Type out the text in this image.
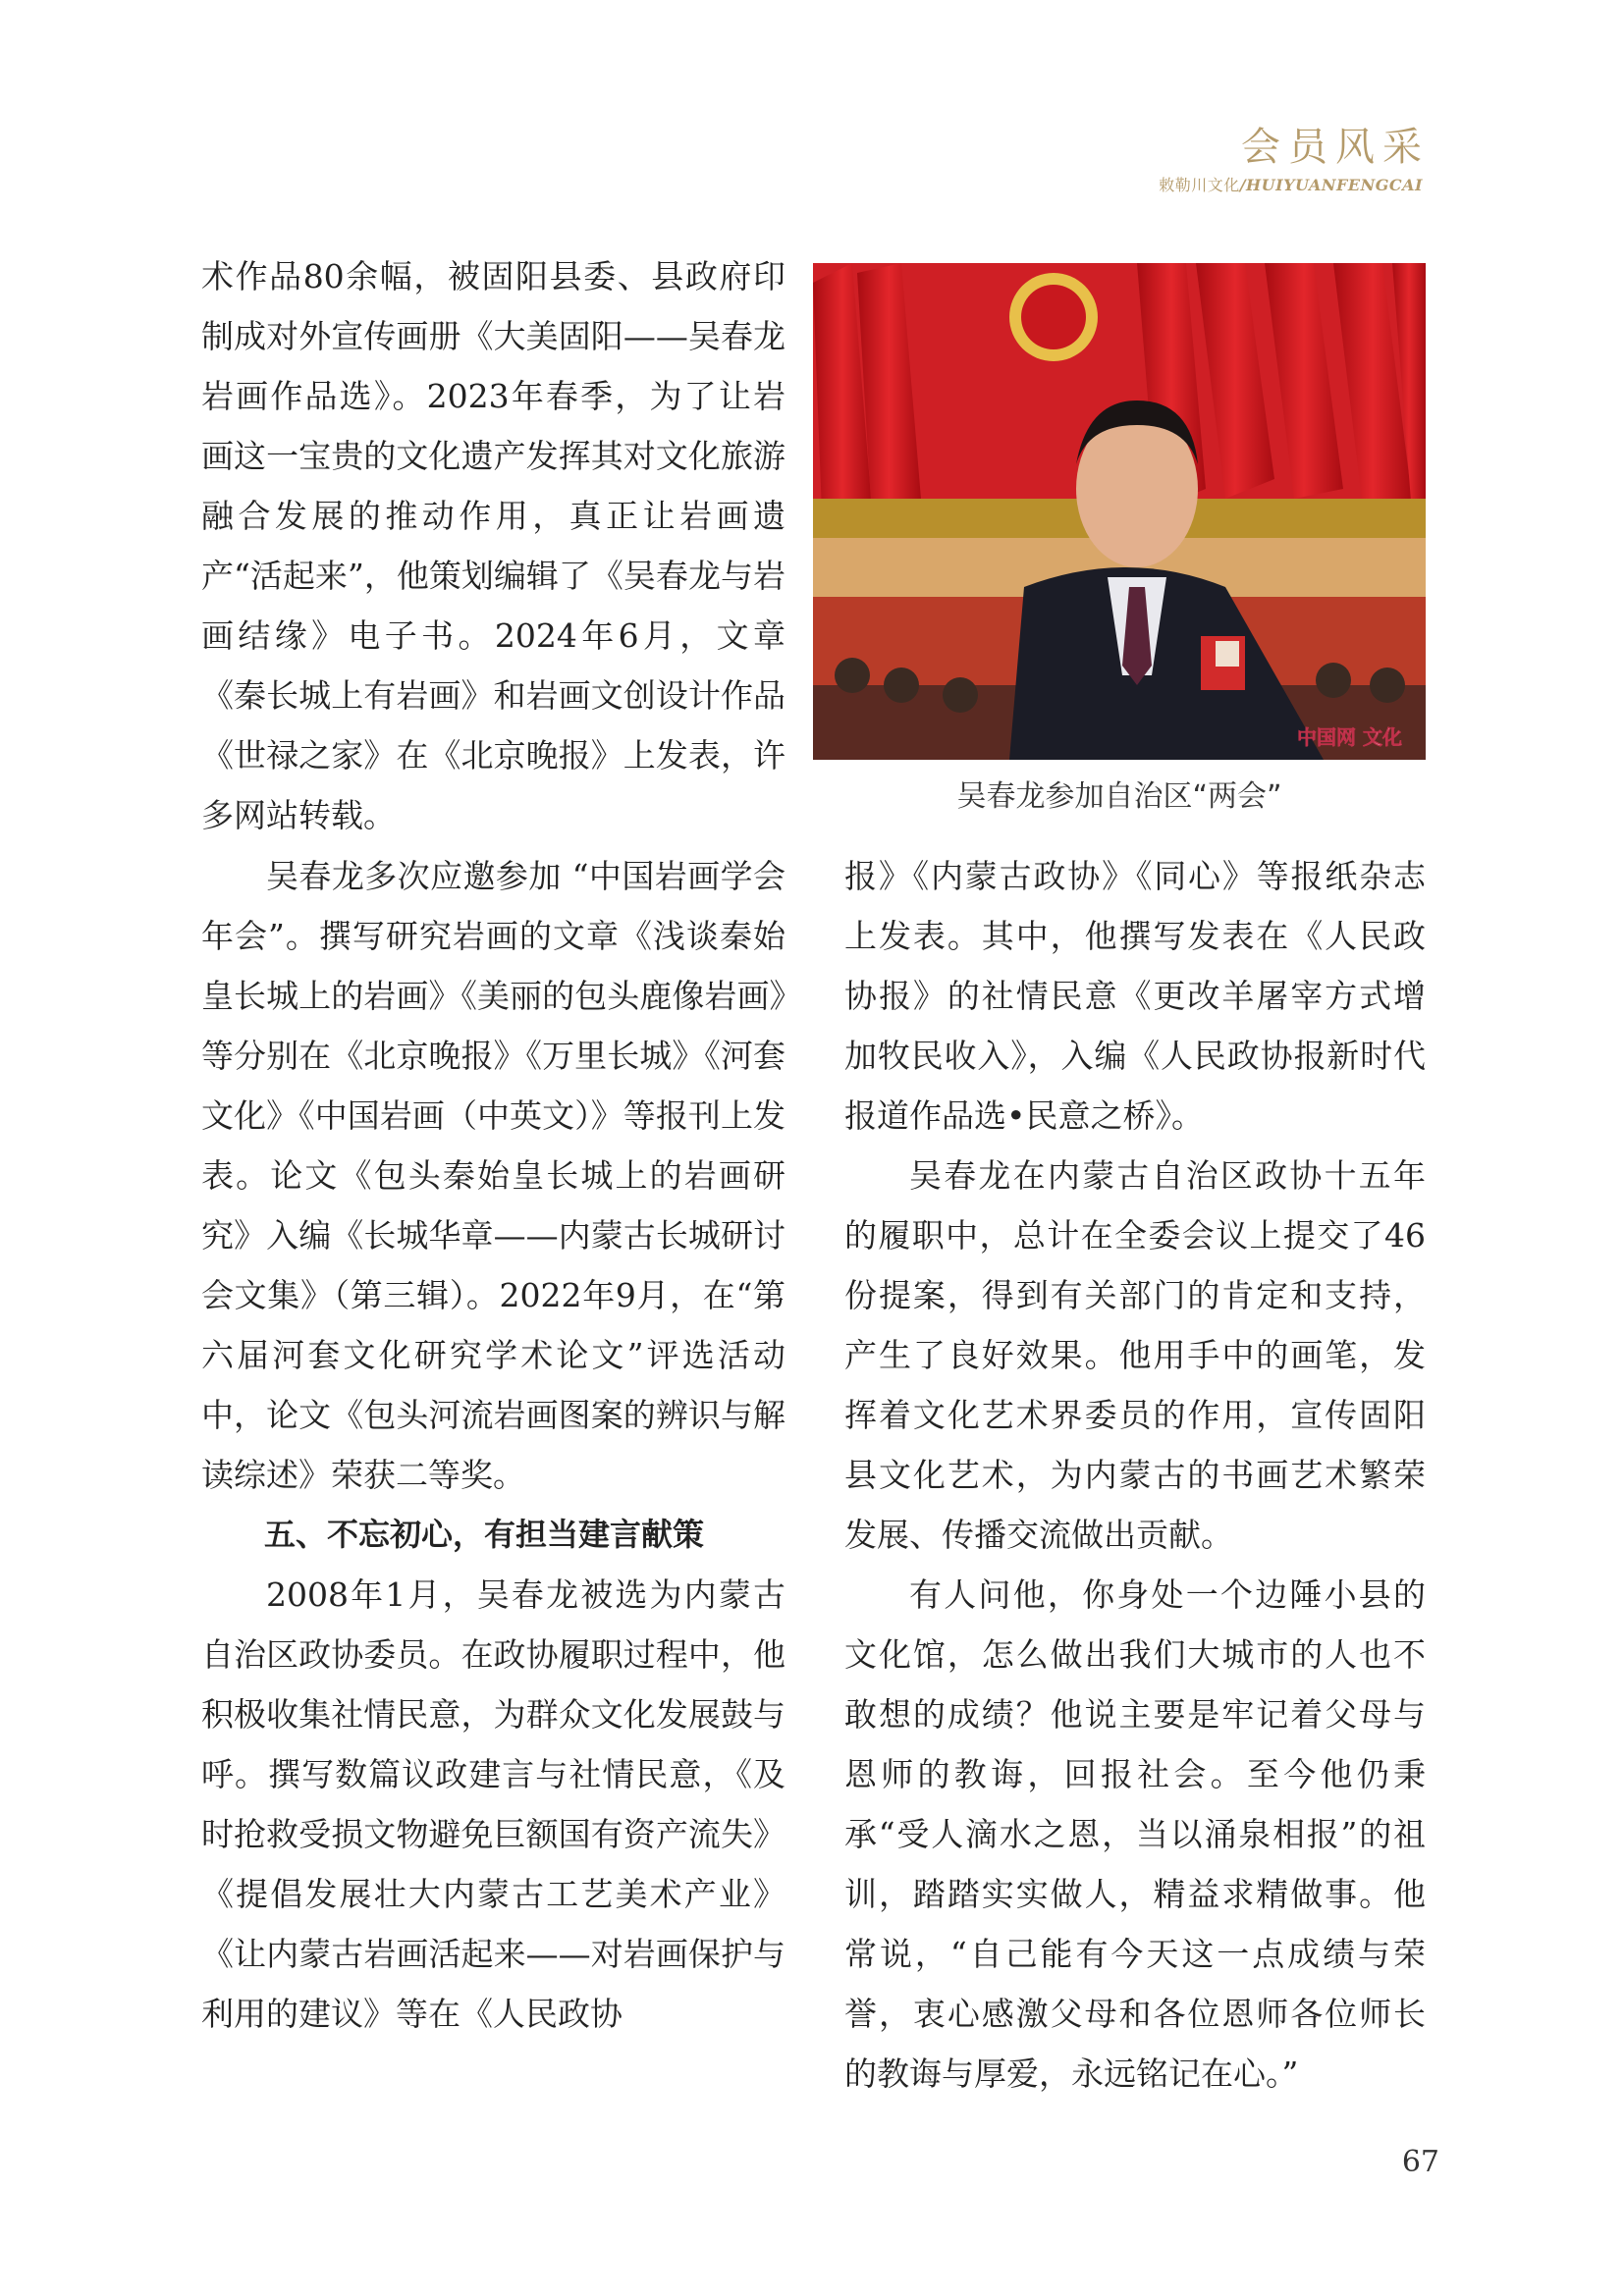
会员风采
敕勒川文化/HUIYUANFENGCAI

术作品80余幅，被固阳县委、县政府印制成对外宣传画册《大美固阳——吴春龙岩画作品选》。2023年春季，为了让岩画这一宝贵的文化遗产发挥其对文化旅游融合发展的推动作用，真正让岩画遗产“活起来”，他策划编辑了《吴春龙与岩画结缘》电子书。2024年6月，文章《秦长城上有岩画》和岩画文创设计作品《世禄之家》在《北京晚报》上发表，许多网站转载。

中国网 文化
吴春龙参加自治区“两会”

吴春龙多次应邀参加 “中国岩画学会年会”。撰写研究岩画的文章《浅谈秦始皇长城上的岩画》《美丽的包头鹿像岩画》等分别在《北京晚报》《万里长城》《河套文化》《中国岩画（中英文）》等报刊上发表。论文《包头秦始皇长城上的岩画研究》入编《长城华章——内蒙古长城研讨会文集》（第三辑）。2022年9月，在“第六届河套文化研究学术论文”评选活动中，论文《包头河流岩画图案的辨识与解读综述》荣获二等奖。

五、不忘初心，有担当建言献策

2008年1月，吴春龙被选为内蒙古自治区政协委员。在政协履职过程中，他积极收集社情民意，为群众文化发展鼓与呼。撰写数篇议政建言与社情民意，《及时抢救受损文物避免巨额国有资产流失》《提倡发展壮大内蒙古工艺美术产业》《让内蒙古岩画活起来——对岩画保护与利用的建议》等在《人民政协

报》《内蒙古政协》《同心》等报纸杂志上发表。其中，他撰写发表在《人民政协报》的社情民意《更改羊屠宰方式增加牧民收入》，入编《人民政协报新时代报道作品选•民意之桥》。

吴春龙在内蒙古自治区政协十五年的履职中，总计在全委会议上提交了46份提案，得到有关部门的肯定和支持，产生了良好效果。他用手中的画笔，发挥着文化艺术界委员的作用，宣传固阳县文化艺术，为内蒙古的书画艺术繁荣发展、传播交流做出贡献。

有人问他，你身处一个边陲小县的文化馆，怎么做出我们大城市的人也不敢想的成绩？他说主要是牢记着父母与恩师的教诲，回报社会。至今他仍秉承“受人滴水之恩，当以涌泉相报”的祖训，踏踏实实做人，精益求精做事。他常说，“自己能有今天这一点成绩与荣誉，衷心感激父母和各位恩师各位师长的教诲与厚爱，永远铭记在心。”

67
